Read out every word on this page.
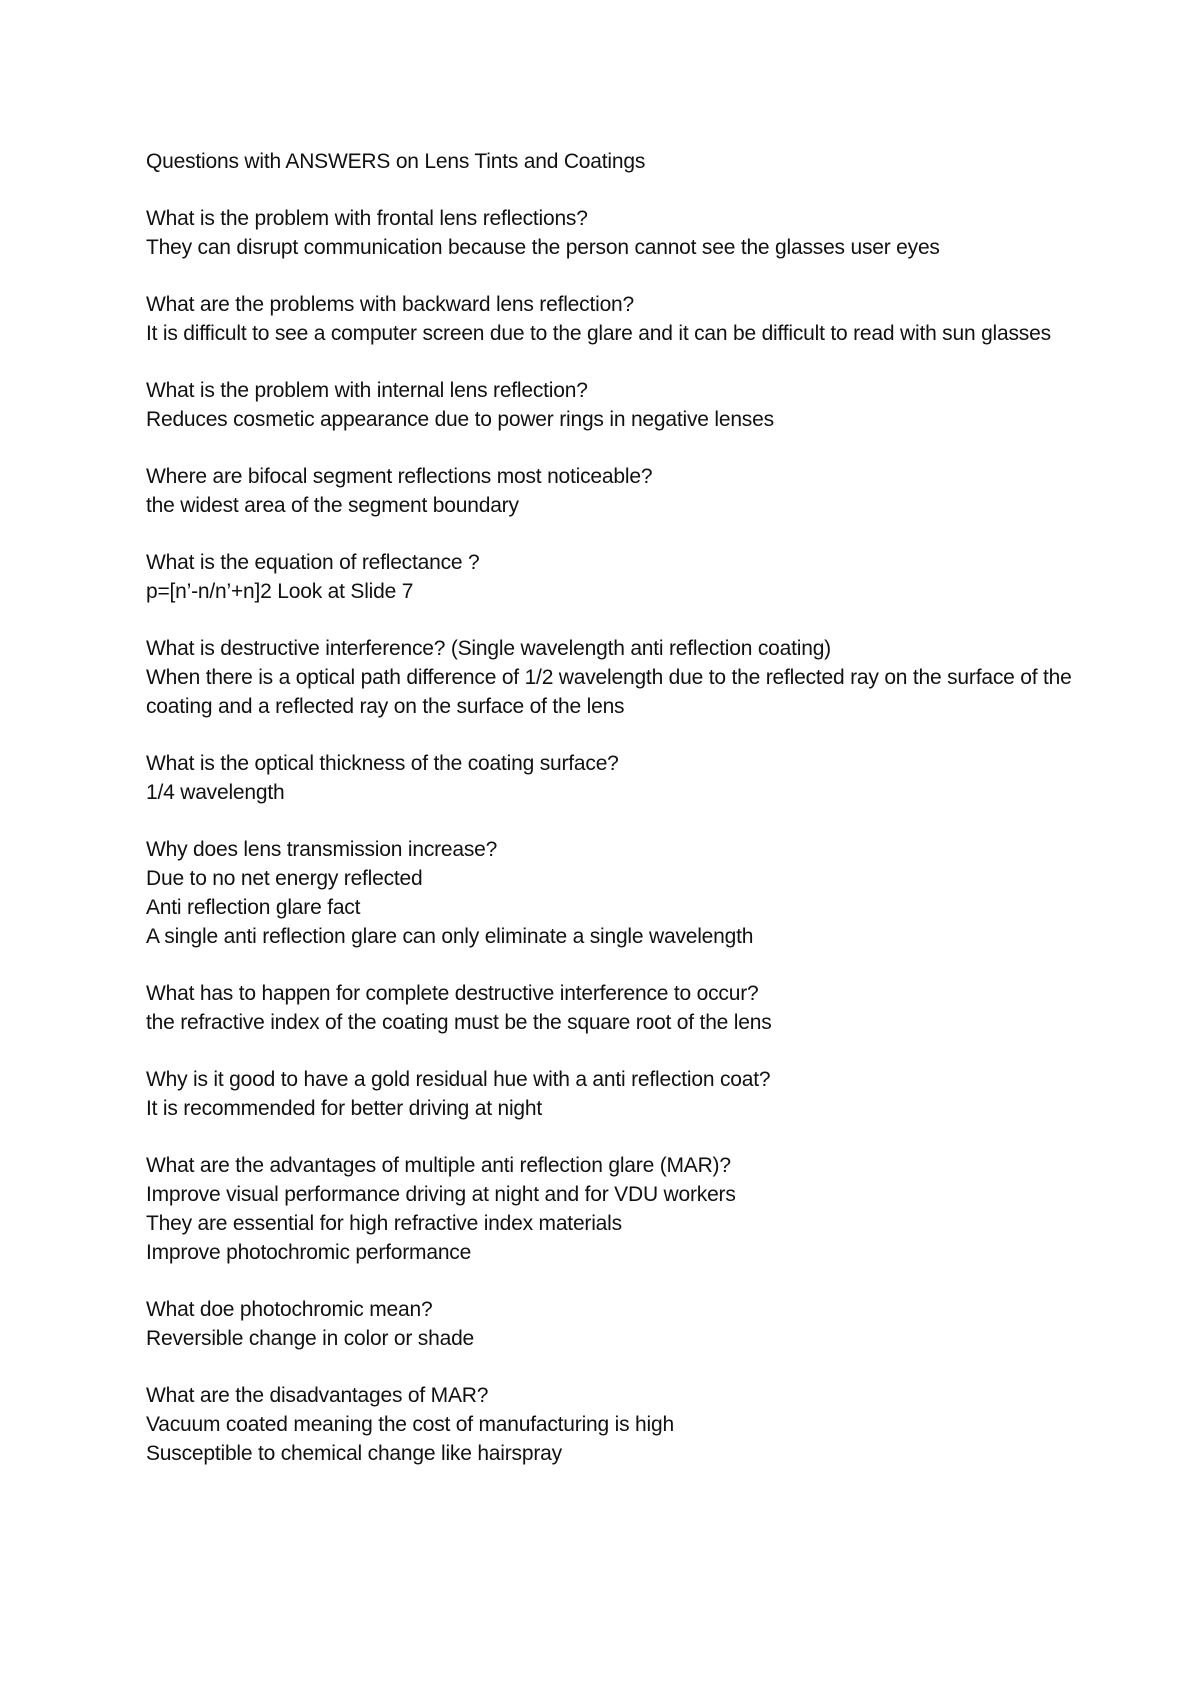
Questions with ANSWERS on Lens Tints and Coatings
What is the problem with frontal lens reflections?
They can disrupt communication because the person cannot see the glasses user eyes
What are the problems with backward lens reflection?
It is difficult to see a computer screen due to the glare and it can be difficult to read with sun glasses
What is the problem with internal lens reflection?
Reduces cosmetic appearance due to power rings in negative lenses
Where are bifocal segment reflections most noticeable?
the widest area of the segment boundary
What is the equation of reflectance ?
p=[n’-n/n’+n]2 Look at Slide 7
What is destructive interference? (Single wavelength anti reflection coating)
When there is a optical path difference of 1/2 wavelength due to the reflected ray on the surface of the coating and a reflected ray on the surface of the lens
What is the optical thickness of the coating surface?
1/4 wavelength
Why does lens transmission increase?
Due to no net energy reflected
Anti reflection glare fact
A single anti reflection glare can only eliminate a single wavelength
What has to happen for complete destructive interference to occur?
the refractive index of the coating must be the square root of the lens
Why is it good to have a gold residual hue with a anti reflection coat?
It is recommended for better driving at night
What are the advantages of multiple anti reflection glare (MAR)?
Improve visual performance driving at night and for VDU workers
They are essential for high refractive index materials
Improve photochromic performance
What doe photochromic mean?
Reversible change in color or shade
What are the disadvantages of MAR?
Vacuum coated meaning the cost of manufacturing is high
Susceptible to chemical change like hairspray
